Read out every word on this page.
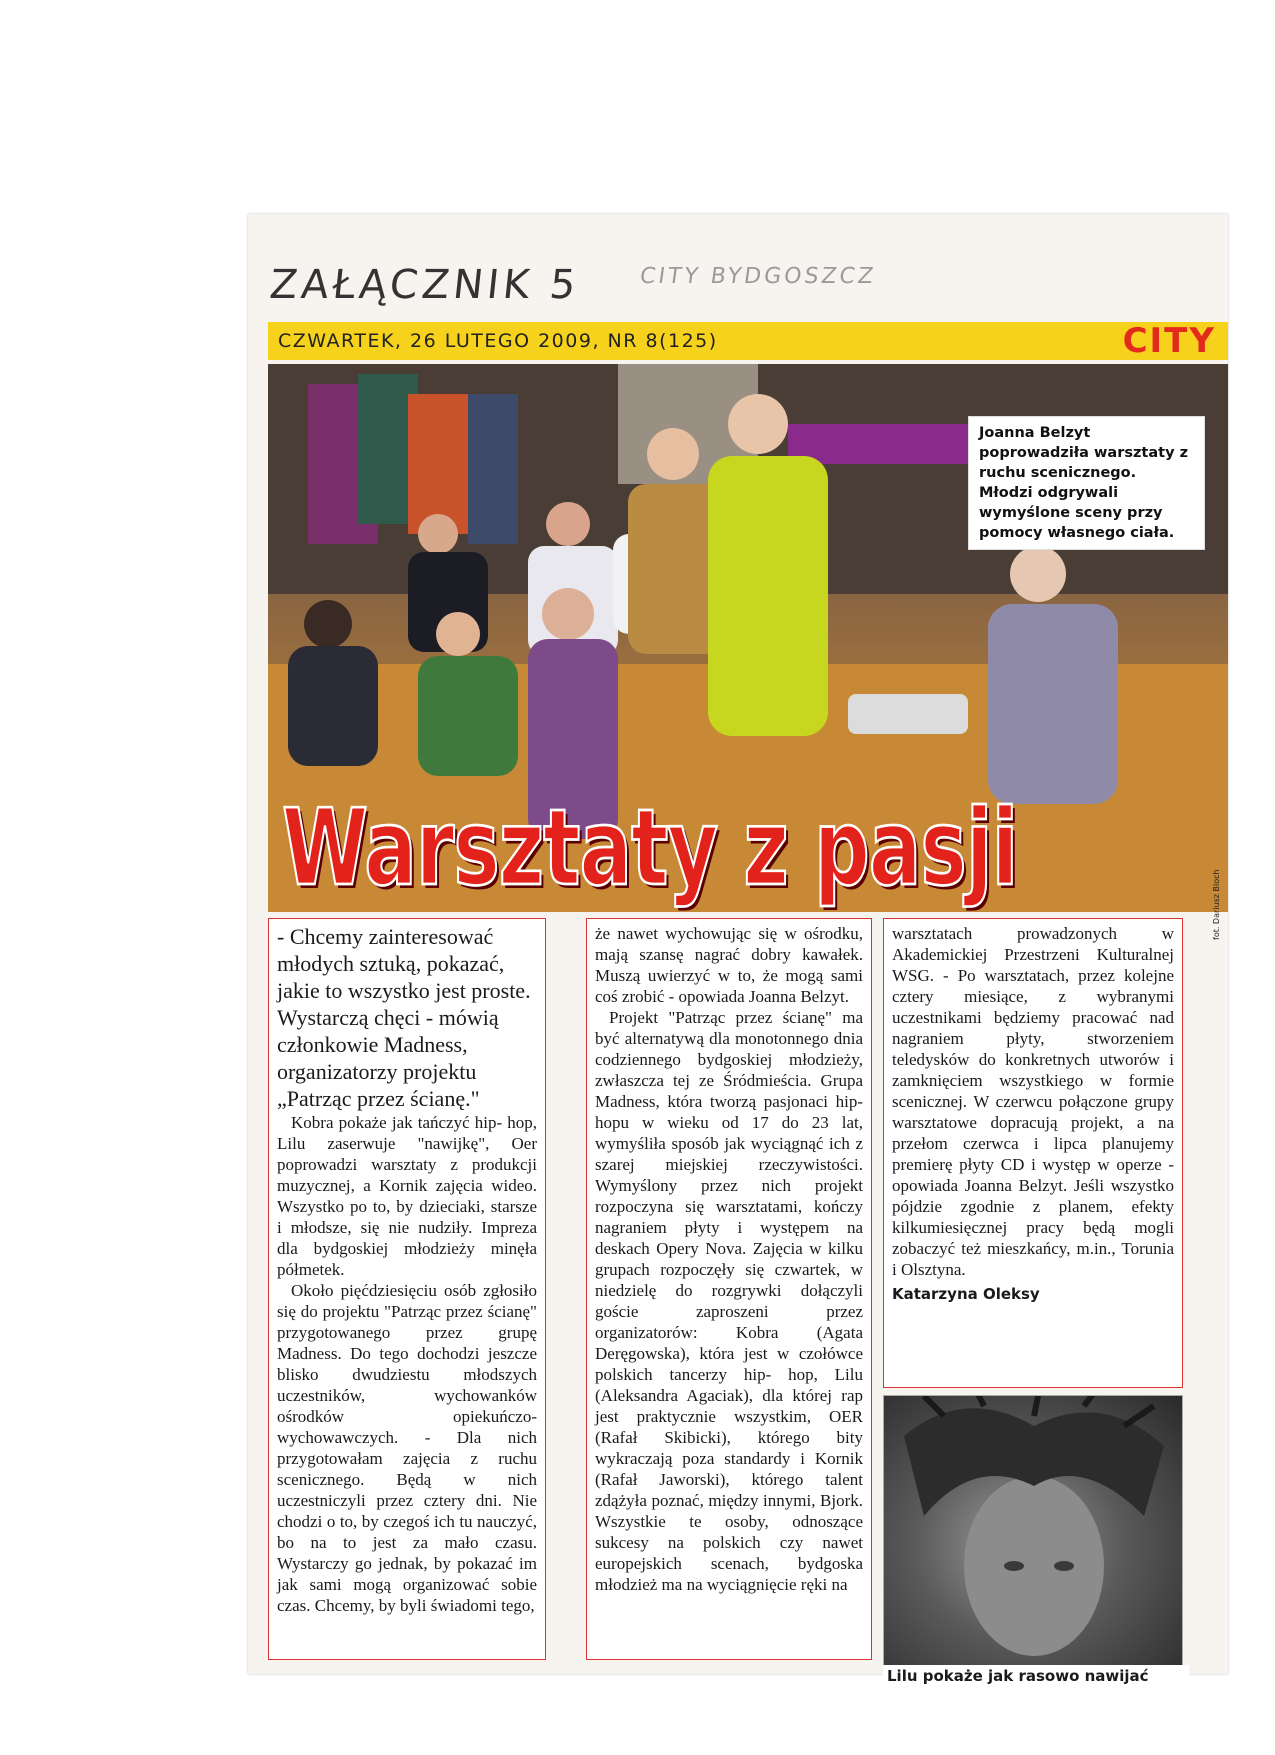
ZAŁĄCZNIK 5	CITY BYDGOSZCZ
CZWARTEK, 26 LUTEGO 2009, NR 8(125)	CITY
Joanna Belzyt poprowadziła warsztaty z ruchu scenicznego. Młodzi odgrywali wymyślone sceny przy pomocy własnego ciała.
Warsztaty z pasji	fot. Dariusz Bloch

- Chcemy zainteresować młodych sztuką, pokazać, jakie to wszystko jest proste. Wystarczą chęci - mówią członkowie Madness, organizatorzy projektu „Patrząc przez ścianę."

Kobra pokaże jak tańczyć hip- hop, Lilu zaserwuje "nawijkę", Oer poprowadzi warsztaty z produkcji muzycznej, a Kornik zajęcia wideo. Wszystko po to, by dzieciaki, starsze i młodsze, się nie nudziły. Impreza dla bydgoskiej młodzieży minęła półmetek.

Około pięćdziesięciu osób zgłosiło się do projektu "Patrząc przez ścianę" przygotowanego przez grupę Madness. Do tego dochodzi jeszcze blisko dwudziestu młodszych uczestników, wychowanków ośrodków opiekuńczo- wychowawczych. - Dla nich przygotowałam zajęcia z ruchu scenicznego. Będą w nich uczestniczyli przez cztery dni. Nie chodzi o to, by czegoś ich tu nauczyć, bo na to jest za mało czasu. Wystarczy go jednak, by pokazać im jak sami mogą organizować sobie czas. Chcemy, by byli świadomi tego,

że nawet wychowując się w ośrodku, mają szansę nagrać dobry kawałek. Muszą uwierzyć w to, że mogą sami coś zrobić - opowiada Joanna Belzyt.

Projekt "Patrząc przez ścianę" ma być alternatywą dla monotonnego dnia codziennego bydgoskiej młodzieży, zwłaszcza tej ze Śródmieścia. Grupa Madness, która tworzą pasjonaci hip- hopu w wieku od 17 do 23 lat, wymyśliła sposób jak wyciągnąć ich z szarej miejskiej rzeczywistości. Wymyślony przez nich projekt rozpoczyna się warsztatami, kończy nagraniem płyty i występem na deskach Opery Nova. Zajęcia w kilku grupach rozpoczęły się czwartek, w niedzielę do rozgrywki dołączyli goście zaproszeni przez organizatorów: Kobra (Agata Deręgowska), która jest w czołówce polskich tancerzy hip- hop, Lilu (Aleksandra Agaciak), dla której rap jest praktycznie wszystkim, OER (Rafał Skibicki), którego bity wykraczają poza standardy i Kornik (Rafał Jaworski), którego talent zdążyła poznać, między innymi, Bjork. Wszystkie te osoby, odnoszące sukcesy na polskich czy nawet europejskich scenach, bydgoska młodzież ma na wyciągnięcie ręki na

warsztatach prowadzonych w Akademickiej Przestrzeni Kulturalnej WSG. - Po warsztatach, przez kolejne cztery miesiące, z wybranymi uczestnikami będziemy pracować nad nagraniem płyty, stworzeniem teledysków do konkretnych utworów i zamknięciem wszystkiego w formie scenicznej. W czerwcu połączone grupy warsztatowe dopracują projekt, a na przełom czerwca i lipca planujemy premierę płyty CD i występ w operze - opowiada Joanna Belzyt. Jeśli wszystko pójdzie zgodnie z planem, efekty kilkumiesięcznej pracy będą mogli zobaczyć też mieszkańcy, m.in., Torunia i Olsztyna.

Katarzyna Oleksy
Lilu pokaże jak rasowo nawijać
